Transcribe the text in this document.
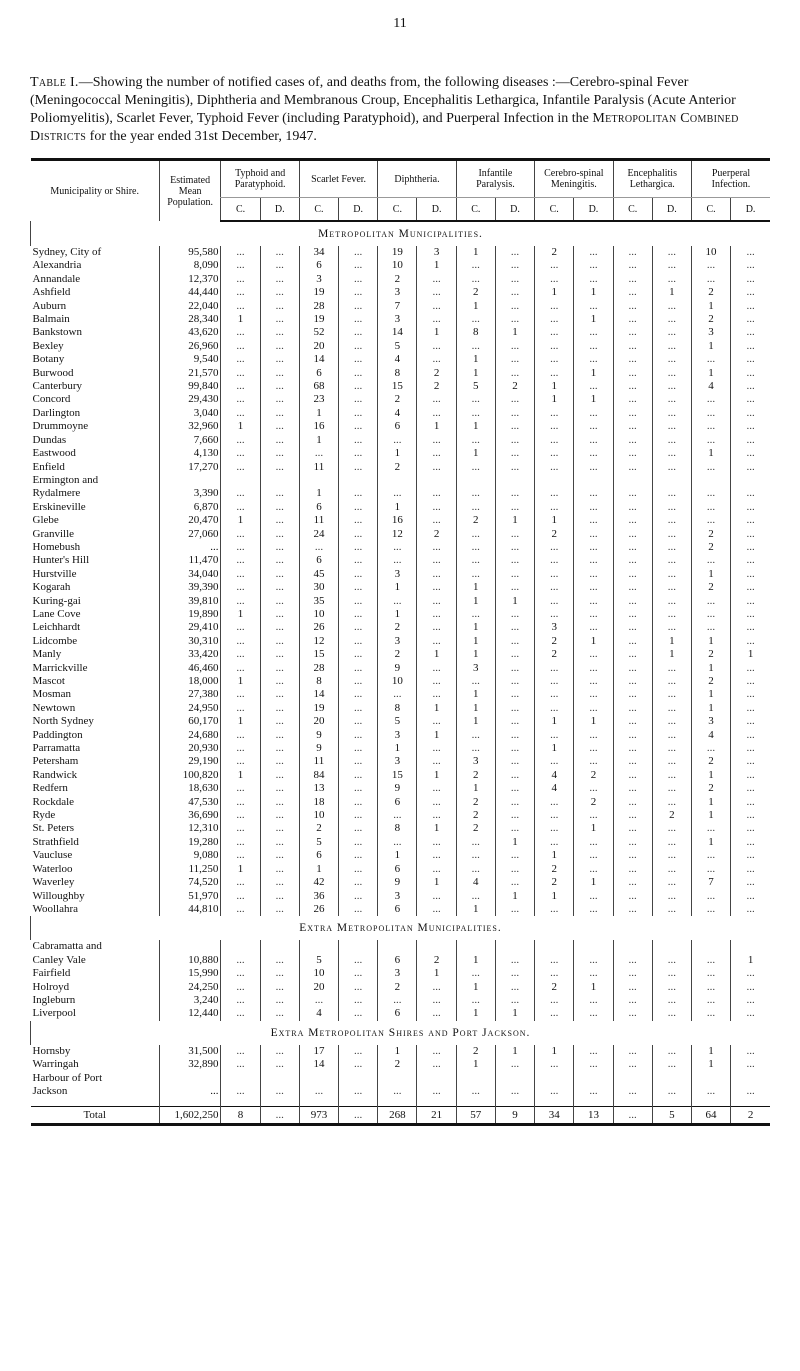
11
Table I.—Showing the number of notified cases of, and deaths from, the following diseases :—Cerebro-spinal Fever (Meningococcal Meningitis), Diphtheria and Membranous Croup, Encephalitis Lethargica, Infantile Paralysis (Acute Anterior Poliomyelitis), Scarlet Fever, Typhoid Fever (including Paratyphoid), and Puerperal Infection in the Metropolitan Combined Districts for the year ended 31st December, 1947.
Municipality or Shire.	Estimated Mean Population.	Typhoid and Paratyphoid.		Scarlet Fever.		Diphtheria.		Infantile Paralysis.		Cerebro-spinal Meningitis.		Encephalitis Lethargica.		Puerperal Infection.	
		C.	D.	C.	D.	C.	D.	C.	D.	C.	D.	C.	D.	C.	D.
Metropolitan Municipalities.															
Sydney, City of	95,580	...	...	34	...	19	3	1	...	2	...	...	...	10	...
Alexandria	8,090	...	...	6	...	10	1	...	...	...	...	...	...	...	...
Annandale	12,370	...	...	3	...	2	...	...	...	...	...	...	...	...	...
Ashfield	44,440	...	...	19	...	3	...	2	...	1	1	...	1	2	...
Auburn	22,040	...	...	28	...	7	...	1	...	...	...	...	...	1	...
Balmain	28,340	1	...	19	...	3	...	...	...	...	1	...	...	2	...
Bankstown	43,620	...	...	52	...	14	1	8	1	...	...	...	...	3	...
Bexley	26,960	...	...	20	...	5	...	...	...	...	...	...	...	1	...
Botany	9,540	...	...	14	...	4	...	1	...	...	...	...	...	...	...
Burwood	21,570	...	...	6	...	8	2	1	...	...	1	...	...	1	...
Canterbury	99,840	...	...	68	...	15	2	5	2	1	...	...	...	4	...
Concord	29,430	...	...	23	...	2	...	...	...	1	1	...	...	...	...
Darlington	3,040	...	...	1	...	4	...	...	...	...	...	...	...	...	...
Drummoyne	32,960	1	...	16	...	6	1	1	...	...	...	...	...	...	...
Dundas	7,660	...	...	1	...	...	...	...	...	...	...	...	...	...	...
Eastwood	4,130	...	...	...	...	1	...	1	...	...	...	...	...	1	...
Enfield	17,270	...	...	11	...	2	...	...	...	...	...	...	...	...	...
Ermington and															
Rydalmere	3,390	...	...	1	...	...	...	...	...	...	...	...	...	...	...
Erskineville	6,870	...	...	6	...	1	...	...	...	...	...	...	...	...	...
Glebe	20,470	1	...	11	...	16	...	2	1	1	...	...	...	...	...
Granville	27,060	...	...	24	...	12	2	...	...	2	...	...	...	2	...
Homebush	...	...	...	...	...	...	...	...	...	...	...	...	...	2	...
Hunter's Hill	11,470	...	...	6	...	...	...	...	...	...	...	...	...	...	...
Hurstville	34,040	...	...	45	...	3	...	...	...	...	...	...	...	1	...
Kogarah	39,390	...	...	30	...	1	...	1	...	...	...	...	...	2	...
Kuring-gai	39,810	...	...	35	...	...	...	1	1	...	...	...	...	...	...
Lane Cove	19,890	1	...	10	...	1	...	...	...	...	...	...	...	...	...
Leichhardt	29,410	...	...	26	...	2	...	1	...	3	...	...	...	...	...
Lidcombe	30,310	...	...	12	...	3	...	1	...	2	1	...	1	1	...
Manly	33,420	...	...	15	...	2	1	1	...	2	...	...	1	2	1
Marrickville	46,460	...	...	28	...	9	...	3	...	...	...	...	...	1	...
Mascot	18,000	1	...	8	...	10	...	...	...	...	...	...	...	2	...
Mosman	27,380	...	...	14	...	...	...	1	...	...	...	...	...	1	...
Newtown	24,950	...	...	19	...	8	1	1	...	...	...	...	...	1	...
North Sydney	60,170	1	...	20	...	5	...	1	...	1	1	...	...	3	...
Paddington	24,680	...	...	9	...	3	1	...	...	...	...	...	...	4	...
Parramatta	20,930	...	...	9	...	1	...	...	...	1	...	...	...	...	...
Petersham	29,190	...	...	11	...	3	...	3	...	...	...	...	...	2	...
Randwick	100,820	1	...	84	...	15	1	2	...	4	2	...	...	1	...
Redfern	18,630	...	...	13	...	9	...	1	...	4	...	...	...	2	...
Rockdale	47,530	...	...	18	...	6	...	2	...	...	2	...	...	1	...
Ryde	36,690	...	...	10	...	...	...	2	...	...	...	...	2	1	...
St. Peters	12,310	...	...	2	...	8	1	2	...	...	1	...	...	...	...
Strathfield	19,280	...	...	5	...	...	...	...	1	...	...	...	...	1	...
Vaucluse	9,080	...	...	6	...	1	...	...	...	1	...	...	...	...	...
Waterloo	11,250	1	...	1	...	6	...	...	...	2	...	...	...	...	...
Waverley	74,520	...	...	42	...	9	1	4	...	2	1	...	...	7	...
Willoughby	51,970	...	...	36	...	3	...	...	1	1	...	...	...	...	...
Woollahra	44,810	...	...	26	...	6	...	1	...	...	...	...	...	...	...
Extra Metropolitan Municipalities.															
Cabramatta and															
Canley Vale	10,880	...	...	5	...	6	2	1	...	...	...	...	...	...	1
Fairfield	15,990	...	...	10	...	3	1	...	...	...	...	...	...	...	...
Holroyd	24,250	...	...	20	...	2	...	1	...	2	1	...	...	...	...
Ingleburn	3,240	...	...	...	...	...	...	...	...	...	...	...	...	...	...
Liverpool	12,440	...	...	4	...	6	...	1	1	...	...	...	...	...	...
Extra Metropolitan Shires and Port Jackson.															
Hornsby	31,500	...	...	17	...	1	...	2	1	1	...	...	...	1	...
Warringah	32,890	...	...	14	...	2	...	1	...	...	...	...	...	1	...
Harbour of Port															
Jackson	...	...	...	...	...	...	...	...	...	...	...	...	...	...	...

Total	1,602,250	8	...	973	...	268	21	57	9	34	13	...	5	64	2
